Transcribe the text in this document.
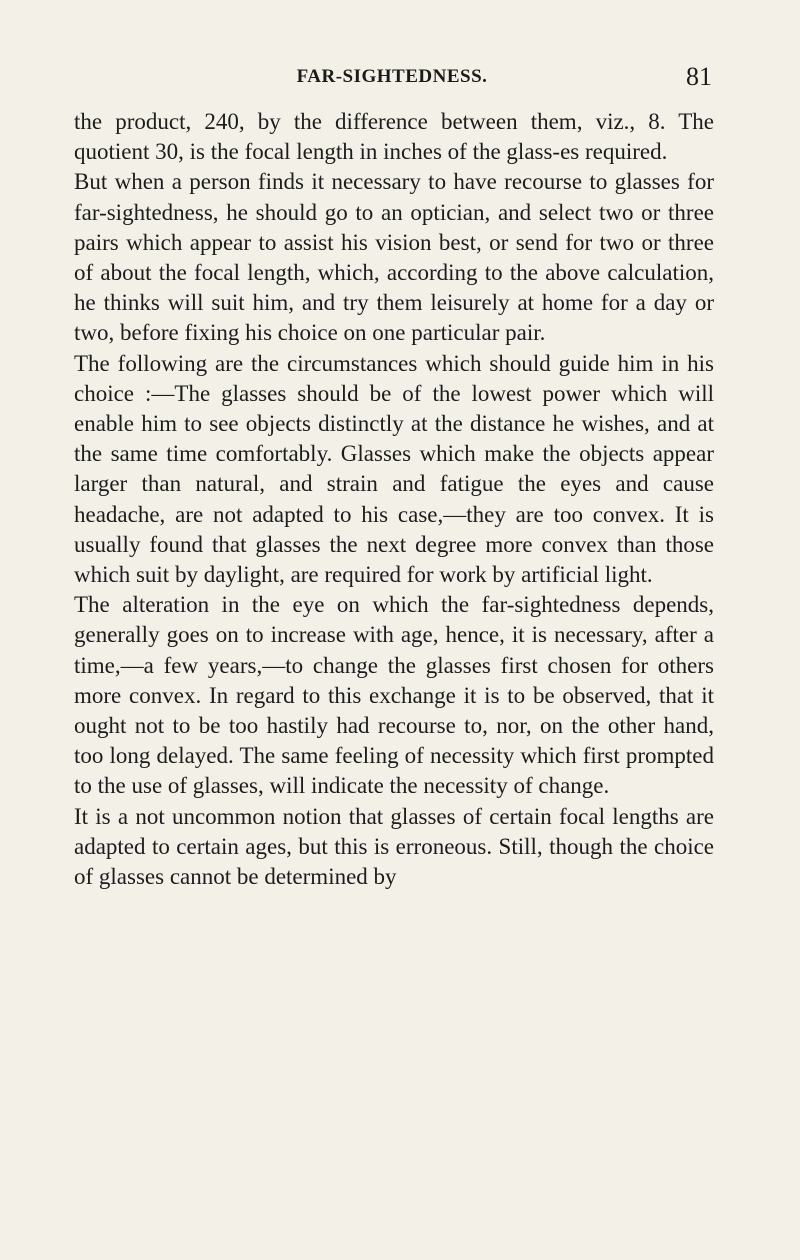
FAR-SIGHTEDNESS.	81

the product, 240, by the difference between them, viz., 8. The quotient 30, is the focal length in inches of the glass-es required.

But when a person finds it necessary to have recourse to glasses for far-sightedness, he should go to an optician, and select two or three pairs which appear to assist his vision best, or send for two or three of about the focal length, which, according to the above calculation, he thinks will suit him, and try them leisurely at home for a day or two, before fixing his choice on one particular pair.

The following are the circumstances which should guide him in his choice :—The glasses should be of the lowest power which will enable him to see objects distinctly at the distance he wishes, and at the same time comfortably. Glasses which make the objects appear larger than natural, and strain and fatigue the eyes and cause headache, are not adapted to his case,—they are too convex. It is usually found that glasses the next degree more convex than those which suit by daylight, are required for work by artificial light.

The alteration in the eye on which the far-sightedness depends, generally goes on to increase with age, hence, it is necessary, after a time,—a few years,—to change the glasses first chosen for others more convex. In regard to this exchange it is to be observed, that it ought not to be too hastily had recourse to, nor, on the other hand, too long delayed. The same feeling of necessity which first prompted to the use of glasses, will indicate the necessity of change.

It is a not uncommon notion that glasses of certain focal lengths are adapted to certain ages, but this is erroneous. Still, though the choice of glasses cannot be determined by
